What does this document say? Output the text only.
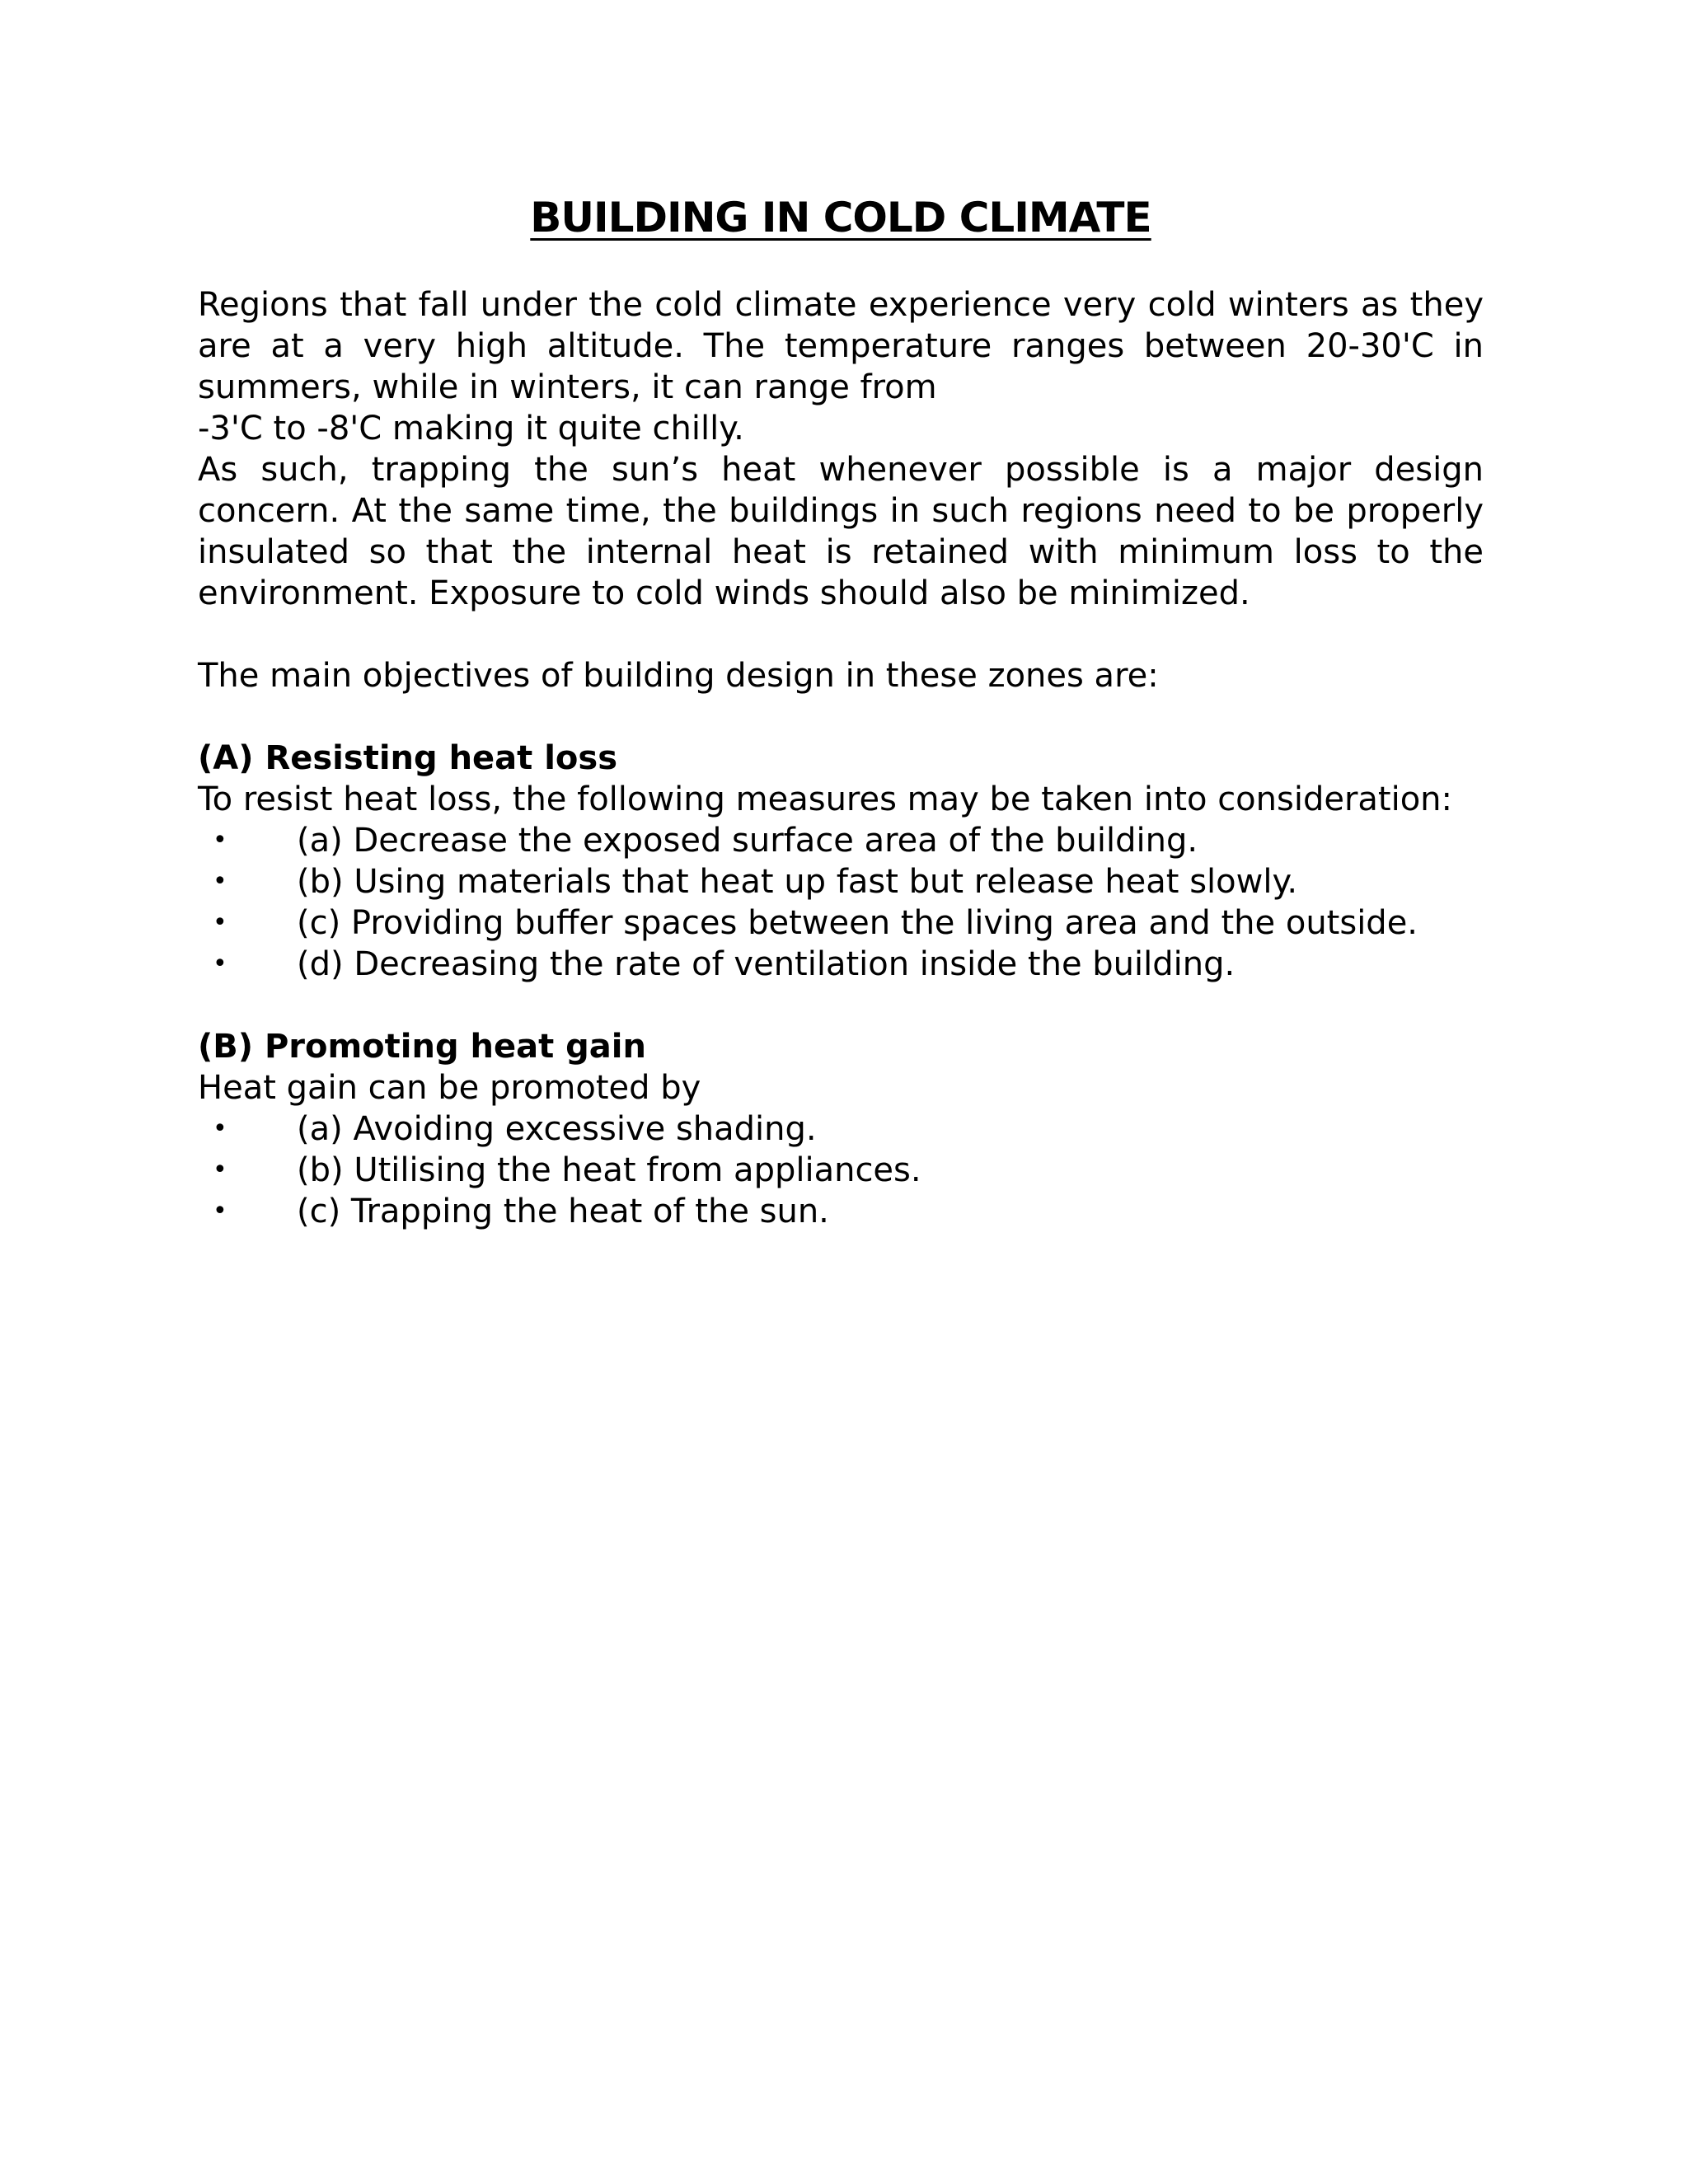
BUILDING IN COLD CLIMATE

Regions that fall under the cold climate experience very cold winters as they are at a very high altitude. The temperature ranges between 20-30'C in summers, while in winters, it can range from
-3'C to -8'C making it quite chilly.
As such, trapping the sun’s heat whenever possible is a major design concern. At the same time, the buildings in such regions need to be properly insulated so that the internal heat is retained with minimum loss to the environment. Exposure to cold winds should also be minimized.

The main objectives of building design in these zones are:

(A) Resisting heat loss

To resist heat loss, the following measures may be taken into consideration:

• (a) Decrease the exposed surface area of the building.
• (b) Using materials that heat up fast but release heat slowly.
• (c) Providing buffer spaces between the living area and the outside.
• (d) Decreasing the rate of ventilation inside the building.

(B) Promoting heat gain

Heat gain can be promoted by

• (a) Avoiding excessive shading.
• (b) Utilising the heat from appliances.
• (c) Trapping the heat of the sun.
